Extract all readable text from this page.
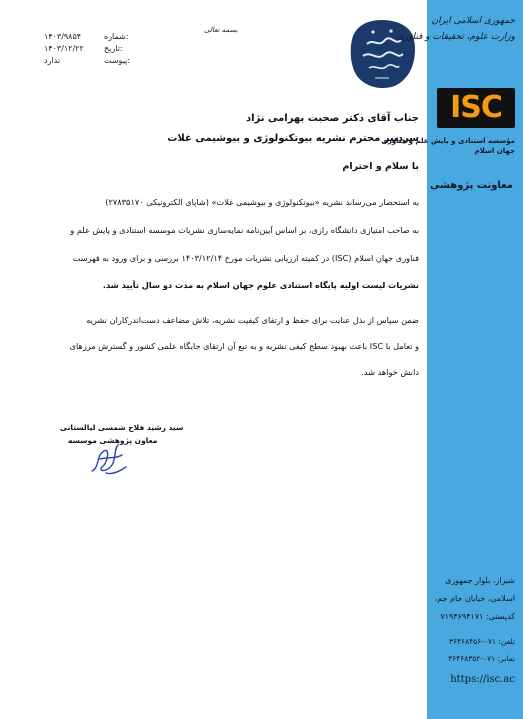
۱۴۰۳/۹۸۵۴	شماره:
۱۴۰۳/۱۲/۲۲	تاریخ:
ندارد	پیوست:
بسمه تعالی
جناب آقای دکتر صحبت بهرامی نژاد
سردبیر محترم نشریه بیوتکنولوژی و بیوشیمی غلات
با سلام و احترام
به استحضار می‌رساند نشریه «بیوتکنولوژی و بیوشیمی غلات» (شاپای الکترونیکی ۲۷۸۳۵۱۷۰)
به صاحب امتیازی دانشگاه رازی، بر اساس آیین‌نامه نمایه‌سازی نشریات موسسه استنادی و پایش علم و
فناوری جهان اسلام (ISC) در کمیته ارزیابی نشریات مورخ ۱۴۰۳/۱۲/۱۴ بررسی و برای ورود به فهرست
نشریات لیست اولیه پایگاه استنادی علوم جهان اسلام به مدت دو سال تأیید شد.
ضمن سپاس از بذل عنایت برای حفظ و ارتقای کیفیت نشریه، تلاش مضاعف دست‌اندرکاران نشریه
و تعامل با ISC باعث بهبود سطح کیفی نشریه و به تبع آن ارتقای جایگاه علمی کشور و گسترش مرزهای
دانش خواهد شد.
سید رشید فلاح شمسی لیالستانی
معاون پژوهشی موسسه
جمهوری اسلامی ایران
وزارت علوم، تحقیقات و فناوری
ISC
مؤسسه استنادی و پایش علم و فناوری
جهان اسلام
معاونت پژوهشی
شیراز، بلوار جمهوری
اسلامی، خیابان جام جم،
کدپستی: ۷۱۹۴۶۹۴۱۷۱
تلفن: ۰۷۱-۳۶۴۶۸۴۵۶
نمابر: ۰۷۱-۳۶۴۶۸۳۵۲
https://isc.ac
